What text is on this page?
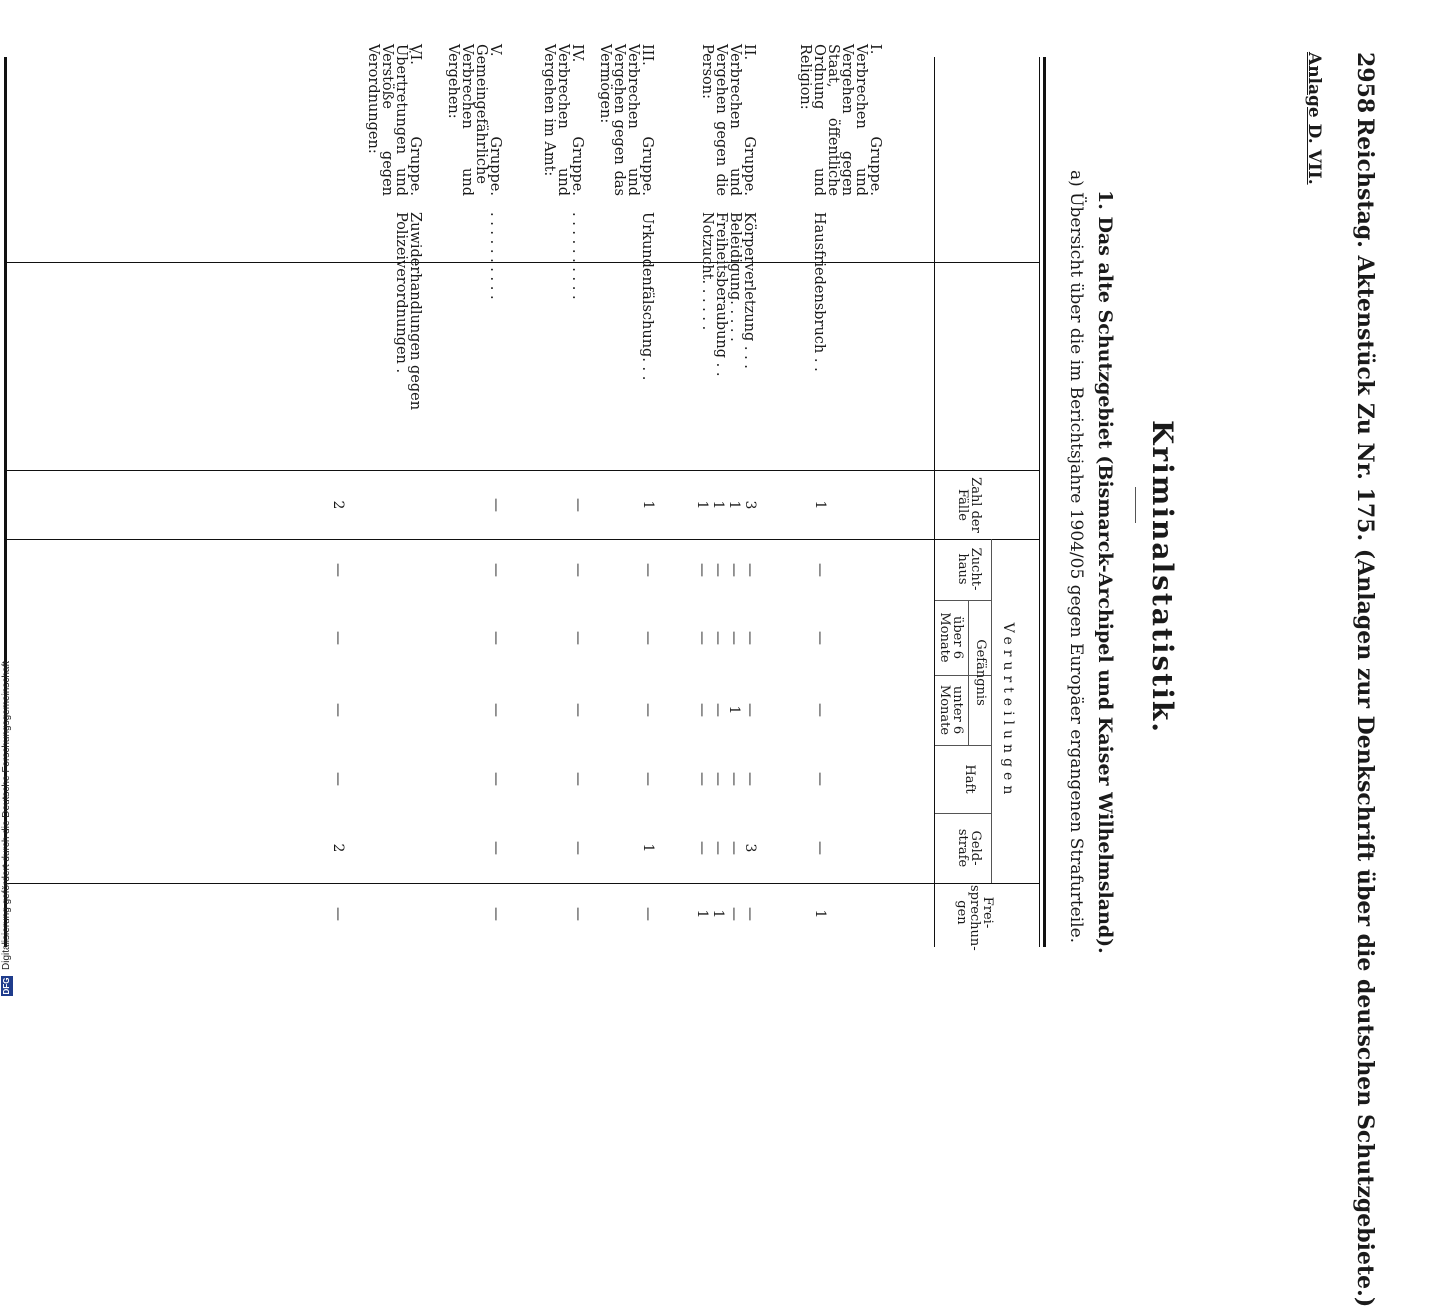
2958
Reichstag. Aktenstück Zu Nr. 175. (Anlagen zur Denkschrift über die deutschen Schutzgebiete.)
Anlage D. VII.
Kriminalstatistik.
1. Das alte Schutzgebiet (Bismarck-Archipel und Kaiser Wilhelmsland).
a) Übersicht über die im Berichtsjahre 1904/05 gegen Europäer ergangenen Strafurteile.
Zahl der Fälle
Verurteilungen
Zucht-haus
Gefängnis
über 6 Monate
unter 6 Monate
Haft
Geld-strafe
Frei-sprechun-gen
I. Gruppe. Verbrechen und Vergehen gegen Staat, öffentliche Ordnung und Religion:
Hausfriedensbruch . .
II. Gruppe. Verbrechen und Vergehen gegen die Person:
Körperverletzung . . .
Beleidigung. . . . .
Freiheitsberaubung . .
Notzucht. . . . . .
III. Gruppe. Verbrechen und Vergehen gegen das Vermögen:
Urkundenfälschung. . .
IV. Gruppe. Verbrechen und Vergehen im Amt:
. . . . . . . . . .
V. Gruppe. Gemeingefährliche Verbrechen und Vergehen:
. . . . . . . . . .
VI. Gruppe. Übertretungen und Verstöße gegen Verordnungen:
Zuwiderhandlungen gegen Polizeiverordnungen .
1
—
—
—
—
—
1
3
1
1
1
—
—
—
—
—
—
—
—
—
1
—
—
—
—
—
—
3
—
—
—
—
—
1
1
1
—
—
—
—
1
—
—
—
—
—
—
—
—
—
—
—
—
—
—
—
2
—
—
—
—
2
—
DFG
Digitalisierung gefördert durch die Deutsche Forschungsgemeinschaft
